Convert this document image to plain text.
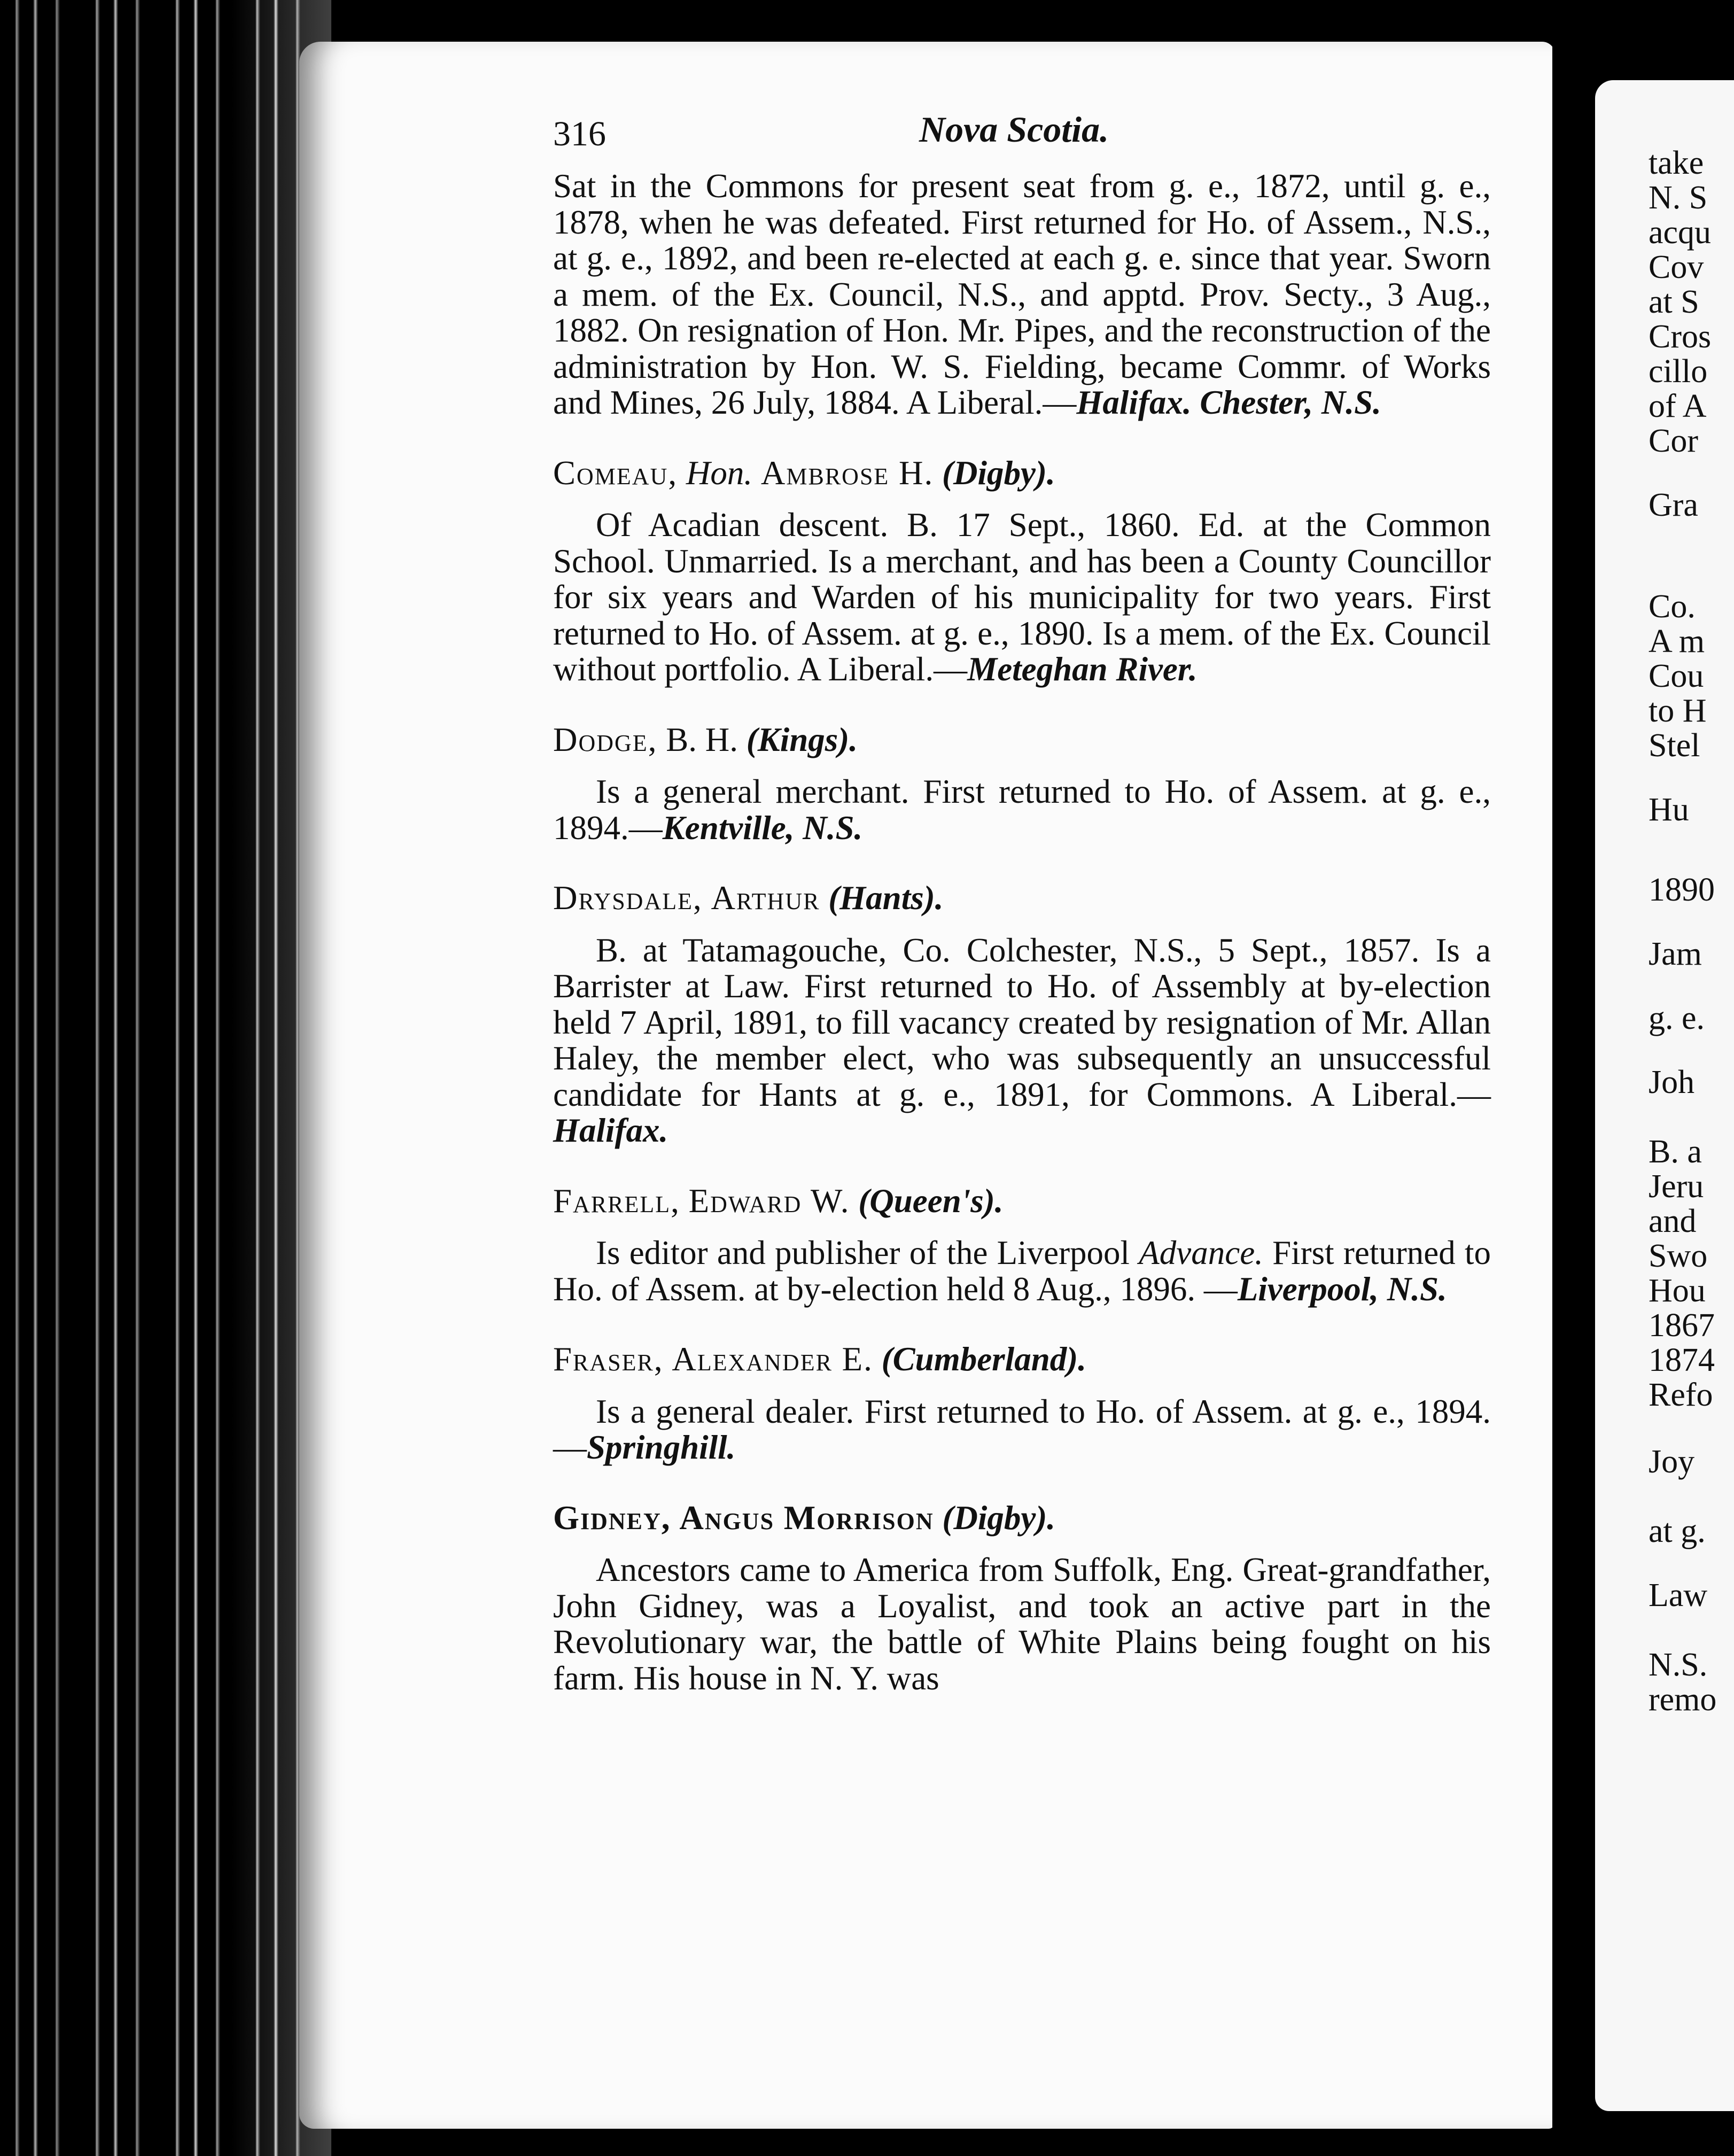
take
N. S
acqu
Cov
at S
Cros
cillo
of A
Cor
Gra
Co.
A m
Cou
to H
Stel
Hu
1890
Jam
g. e.
Joh
B. a
Jeru
and
Swo
Hou
1867
1874
Refo
Joy
at g.
Law
N.S.
remo
316	Nova Scotia.

Sat in the Commons for present seat from g. e., 1872, until g. e., 1878, when he was defeated. First returned for Ho. of Assem., N.S., at g. e., 1892, and been re-elected at each g. e. since that year. Sworn a mem. of the Ex. Council, N.S., and apptd. Prov. Secty., 3 Aug., 1882. On resignation of Hon. Mr. Pipes, and the reconstruction of the administration by Hon. W. S. Fielding, became Commr. of Works and Mines, 26 July, 1884. A Liberal.—Halifax. Chester, N.S.

Comeau, Hon. Ambrose H. (Digby).

Of Acadian descent. B. 17 Sept., 1860. Ed. at the Common School. Unmarried. Is a merchant, and has been a County Councillor for six years and Warden of his municipality for two years. First returned to Ho. of Assem. at g. e., 1890. Is a mem. of the Ex. Council without portfolio. A Liberal.—Meteghan River.

Dodge, B. H. (Kings).

Is a general merchant. First returned to Ho. of Assem. at g. e., 1894.—Kentville, N.S.

Drysdale, Arthur (Hants).

B. at Tatamagouche, Co. Colchester, N.S., 5 Sept., 1857. Is a Barrister at Law. First returned to Ho. of Assembly at by-election held 7 April, 1891, to fill vacancy created by resignation of Mr. Allan Haley, the member elect, who was subsequently an unsuccessful candidate for Hants at g. e., 1891, for Commons. A Liberal.—Halifax.

Farrell, Edward W. (Queen's).

Is editor and publisher of the Liverpool Advance. First returned to Ho. of Assem. at by-election held 8 Aug., 1896. —Liverpool, N.S.

Fraser, Alexander E. (Cumberland).

Is a general dealer. First returned to Ho. of Assem. at g. e., 1894.—Springhill.

Gidney, Angus Morrison (Digby).

Ancestors came to America from Suffolk, Eng. Great-grandfather, John Gidney, was a Loyalist, and took an active part in the Revolutionary war, the battle of White Plains being fought on his farm. His house in N. Y. was
